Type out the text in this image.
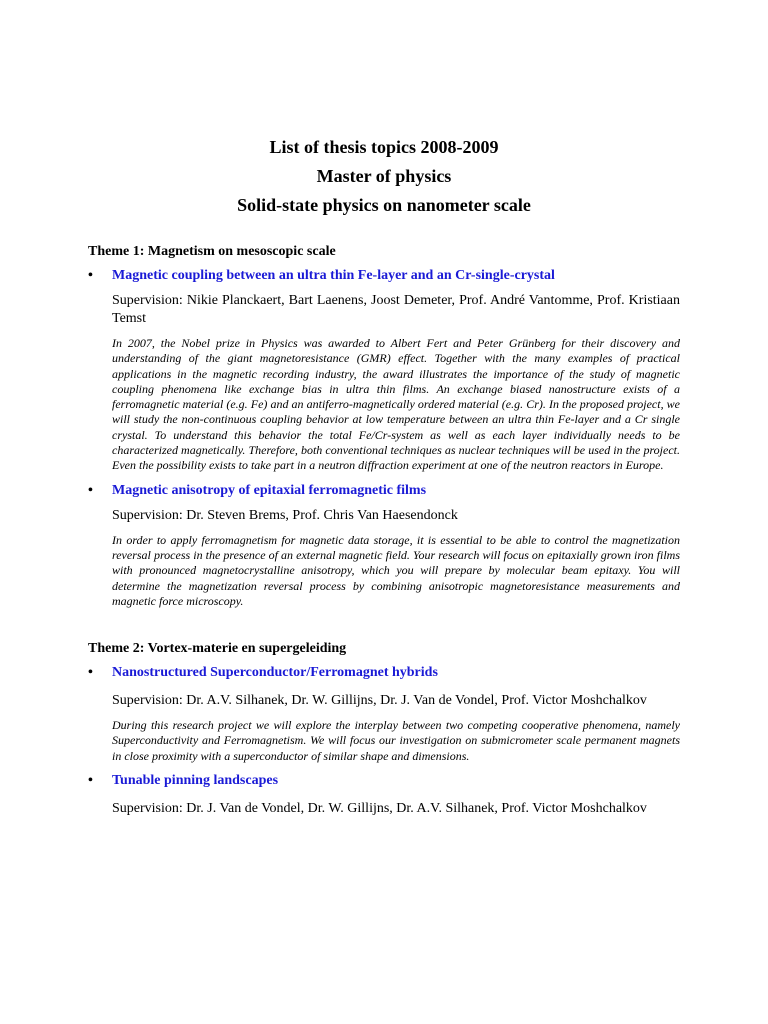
List of thesis topics 2008-2009

Master of physics

Solid-state physics on nanometer scale

Theme 1: Magnetism on mesoscopic scale

• Magnetic coupling between an ultra thin Fe-layer and an Cr-single-crystal

Supervision: Nikie Planckaert, Bart Laenens, Joost Demeter, Prof. André Vantomme, Prof. Kristiaan Temst

In 2007, the Nobel prize in Physics was awarded to Albert Fert and Peter Grünberg for their discovery and understanding of the giant magnetoresistance (GMR) effect. Together with the many examples of practical applications in the magnetic recording industry, the award illustrates the importance of the study of magnetic coupling phenomena like exchange bias in ultra thin films. An exchange biased nanostructure exists of a ferromagnetic material (e.g. Fe) and an antiferro-magnetically ordered material (e.g. Cr). In the proposed project, we will study the non-continuous coupling behavior at low temperature between an ultra thin Fe-layer and a Cr single crystal. To understand this behavior the total Fe/Cr-system as well as each layer individually needs to be characterized magnetically. Therefore, both conventional techniques as nuclear techniques will be used in the project. Even the possibility exists to take part in a neutron diffraction experiment at one of the neutron reactors in Europe.

• Magnetic anisotropy of epitaxial ferromagnetic films

Supervision: Dr. Steven Brems, Prof. Chris Van Haesendonck

In order to apply ferromagnetism for magnetic data storage, it is essential to be able to control the magnetization reversal process in the presence of an external magnetic field. Your research will focus on epitaxially grown iron films with pronounced magnetocrystalline anisotropy, which you will prepare by molecular beam epitaxy. You will determine the magnetization reversal process by combining anisotropic magnetoresistance measurements and magnetic force microscopy.

Theme 2: Vortex-materie en supergeleiding

• Nanostructured Superconductor/Ferromagnet hybrids

Supervision: Dr. A.V. Silhanek, Dr. W. Gillijns, Dr. J. Van de Vondel, Prof. Victor Moshchalkov

During this research project we will explore the interplay between two competing cooperative phenomena, namely Superconductivity and Ferromagnetism. We will focus our investigation on submicrometer scale permanent magnets in close proximity with a superconductor of similar shape and dimensions.

• Tunable pinning landscapes

Supervision: Dr. J. Van de Vondel, Dr. W. Gillijns, Dr. A.V. Silhanek, Prof. Victor Moshchalkov
